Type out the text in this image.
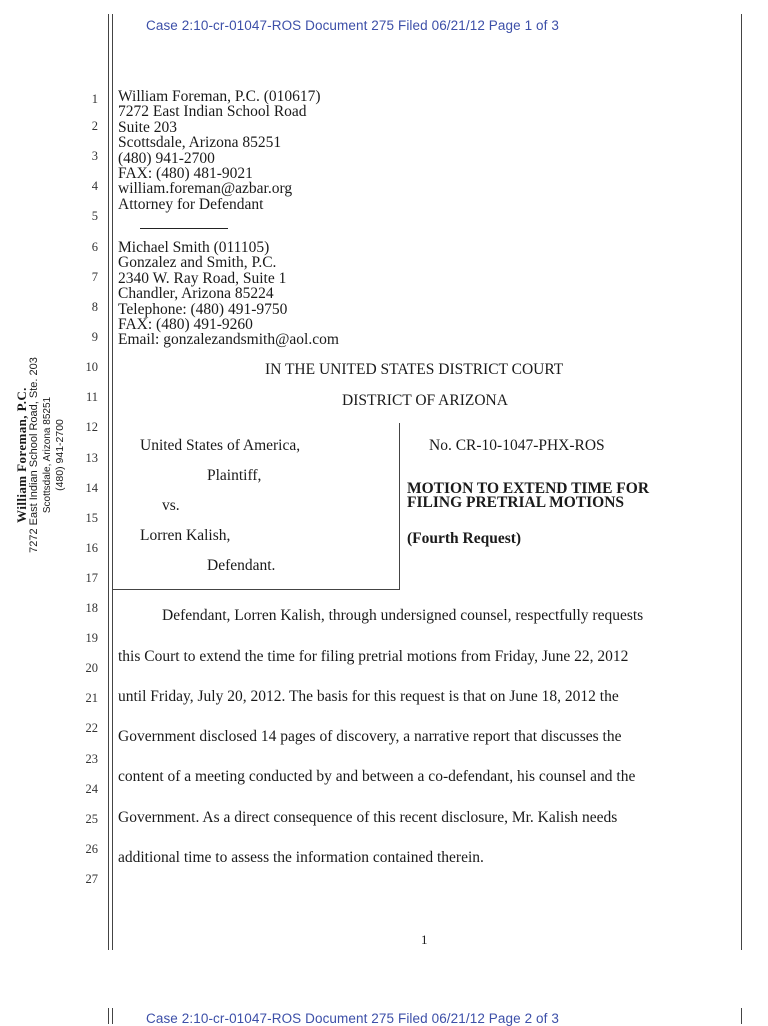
Case 2:10-cr-01047-ROS Document 275 Filed 06/21/12 Page 1 of 3
William Foreman, P.C. 7272 East Indian School Road, Ste. 203 Scottsdale, Arizona 85251 (480) 941-2700
1
2
3
4
5
6
7
8
9
10
11
12
13
14
15
16
17
18
19
20
21
22
23
24
25
26
27
William Foreman, P.C. (010617)
7272 East Indian School Road
Suite 203
Scottsdale, Arizona 85251
(480) 941-2700
FAX: (480) 481-9021
william.foreman@azbar.org
Attorney for Defendant
Michael Smith (011105)
Gonzalez and Smith, P.C.
2340 W. Ray Road, Suite 1
Chandler, Arizona 85224
Telephone: (480) 491-9750
FAX: (480) 491-9260
Email: gonzalezandsmith@aol.com
IN THE UNITED STATES DISTRICT COURT
DISTRICT OF ARIZONA
United States of America,
Plaintiff,
vs.
Lorren Kalish,
Defendant.
No. CR-10-1047-PHX-ROS
MOTION TO EXTEND TIME FOR
FILING PRETRIAL MOTIONS
(Fourth Request)
Defendant, Lorren Kalish, through undersigned counsel, respectfully requests
this Court to extend the time for filing pretrial motions from Friday, June 22, 2012
until Friday, July 20, 2012. The basis for this request is that on June 18, 2012 the
Government disclosed 14 pages of discovery, a narrative report that discusses the
content of a meeting conducted by and between a co-defendant, his counsel and the
Government. As a direct consequence of this recent disclosure, Mr. Kalish needs
additional time to assess the information contained therein.
1
Case 2:10-cr-01047-ROS Document 275 Filed 06/21/12 Page 2 of 3
